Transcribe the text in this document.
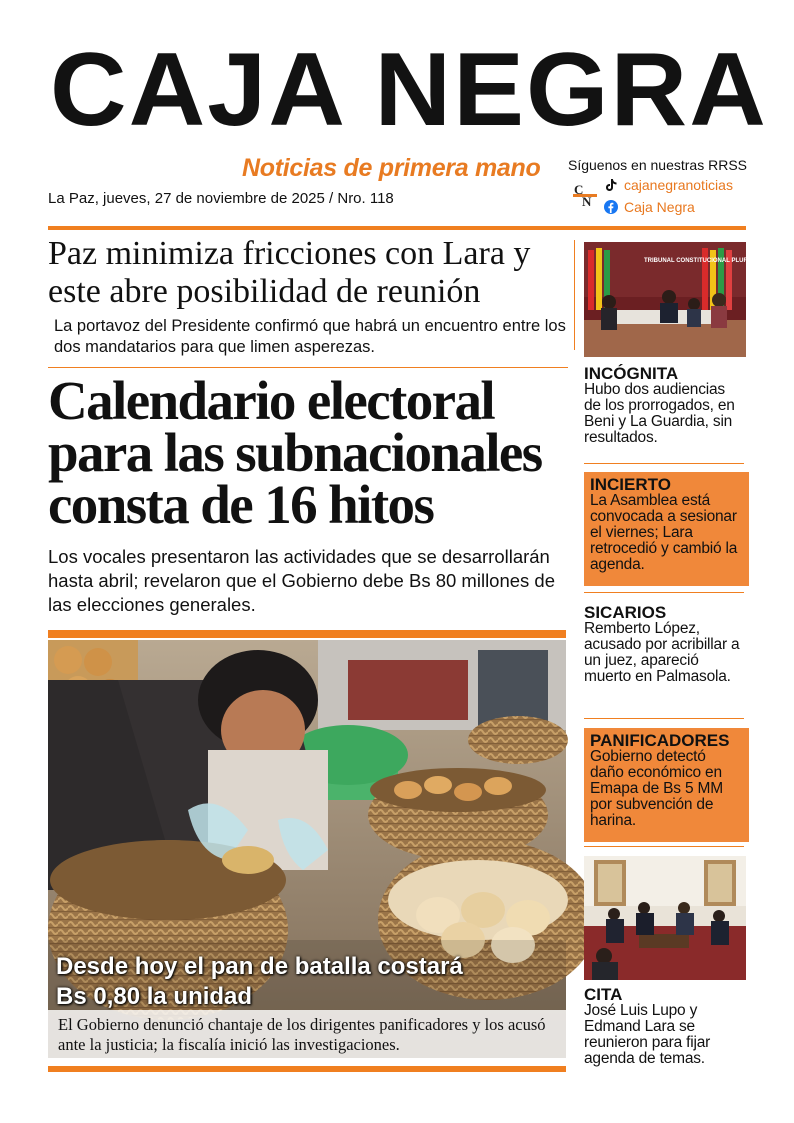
CAJA NEGRA
Noticias de primera mano Síguenos en nuestras RRSS
cajanegranoticias
Caja Negra
C
N
La Paz, jueves, 27 de noviembre de 2025 / Nro. 118
Paz minimiza fricciones con Lara y este abre posibilidad de reunión
La portavoz del Presidente confirmó que habrá un encuentro entre los dos mandatarios para que limen asperezas.
Calendario electoral para las subnacionales consta de 16 hitos
Los vocales presentaron las actividades que se desarrollarán hasta abril; revelaron que el Gobierno debe Bs 80 millones de las elecciones generales.
Desde hoy el pan de batalla costará
Bs 0,80 la unidad
El Gobierno denunció chantaje de los dirigentes panificadores y los acusó ante la justicia; la fiscalía inició las investigaciones.
TRIBUNAL CONSTITUCIONAL PLURINACIONAL
INCÓGNITA
Hubo dos audiencias de los prorrogados, en Beni y La Guardia, sin resultados.
INCIERTO
La Asamblea está convocada a sesionar el viernes; Lara retrocedió y cambió la agenda.
SICARIOS
Remberto López, acusado por acribillar a un juez, apareció muerto en Palmasola.
PANIFICADORES
Gobierno detectó daño económico en Emapa de Bs 5 MM por subvención de harina.
CITA
José Luis Lupo y Edmand Lara se reunieron para fijar agenda de temas.
